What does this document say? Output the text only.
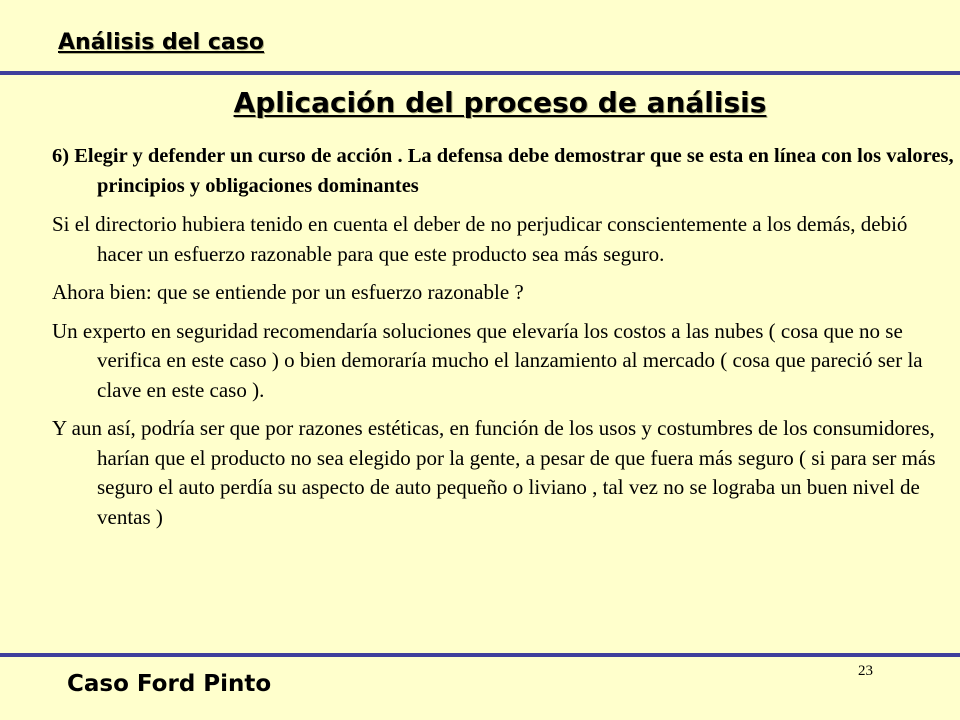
Análisis del caso
Aplicación del proceso de análisis

6) Elegir y defender un curso de acción . La defensa debe demostrar que se esta en línea con los valores, principios y obligaciones dominantes

Si el directorio hubiera tenido en cuenta el deber de no perjudicar conscientemente a los demás, debió hacer un esfuerzo razonable para que este producto sea más seguro.

Ahora bien: que se entiende por un esfuerzo razonable ?

Un experto en seguridad recomendaría soluciones que elevaría los costos a las nubes ( cosa que no se verifica en este caso ) o bien demoraría mucho el lanzamiento al mercado ( cosa que pareció ser la clave en este caso ).

Y aun así, podría ser que por razones estéticas, en función de los usos y costumbres de los consumidores, harían que el producto no sea elegido por la gente, a pesar de que fuera más seguro ( si para ser más seguro el auto perdía su aspecto de auto pequeño o liviano , tal vez no se lograba un buen nivel de ventas )

23
Caso Ford Pinto
